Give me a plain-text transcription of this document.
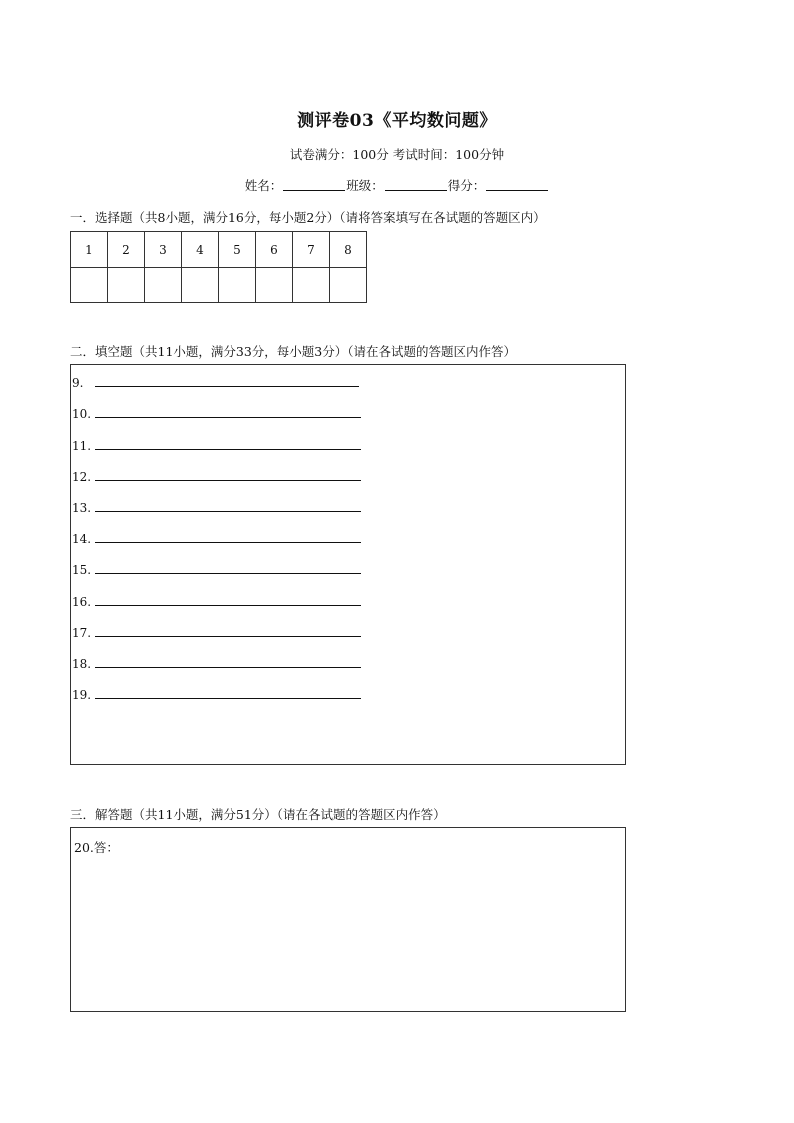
测评卷03《平均数问题》
试卷满分：100分 考试时间：100分钟
姓名：	班级：	得分：
一．选择题（共8小题，满分16分，每小题2分）（请将答案填写在各试题的答题区内）
1	2	3	4	5	6	7	8

二．填空题（共11小题，满分33分，每小题3分）（请在各试题的答题区内作答）
9.
10.
11.
12.
13.
14.
15.
16.
17.
18.
19.
三．解答题（共11小题，满分51分）（请在各试题的答题区内作答）
20.答：
